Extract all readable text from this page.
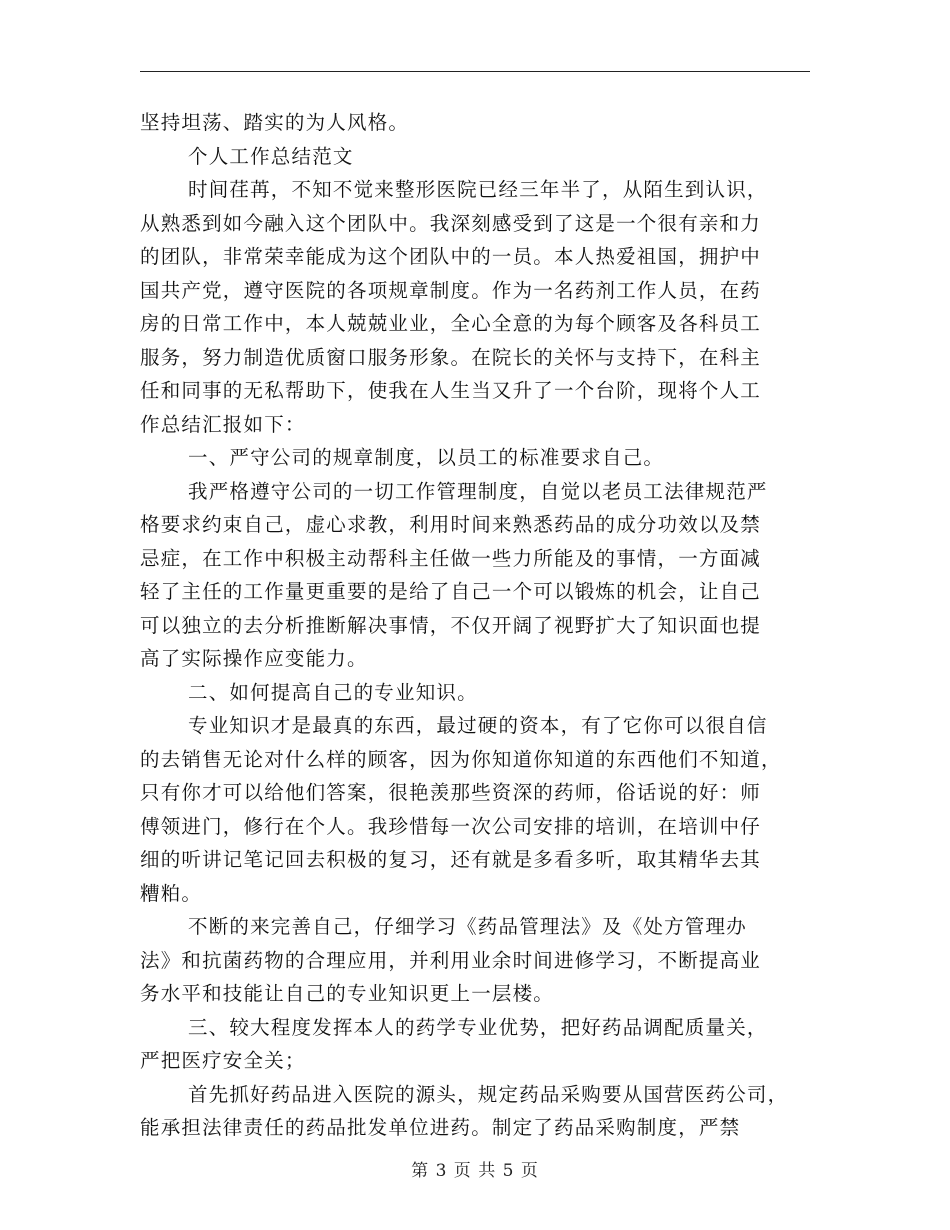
坚持坦荡、踏实的为人风格。
个人工作总结范文
时间荏苒，不知不觉来整形医院已经三年半了，从陌生到认识，
从熟悉到如今融入这个团队中。我深刻感受到了这是一个很有亲和力
的团队，非常荣幸能成为这个团队中的一员。本人热爱祖国，拥护中
国共产党，遵守医院的各项规章制度。作为一名药剂工作人员，在药
房的日常工作中，本人兢兢业业，全心全意的为每个顾客及各科员工
服务，努力制造优质窗口服务形象。在院长的关怀与支持下，在科主
任和同事的无私帮助下，使我在人生当又升了一个台阶，现将个人工
作总结汇报如下：
一、严守公司的规章制度，以员工的标准要求自己。
我严格遵守公司的一切工作管理制度，自觉以老员工法律规范严
格要求约束自己，虚心求教，利用时间来熟悉药品的成分功效以及禁
忌症，在工作中积极主动帮科主任做一些力所能及的事情，一方面减
轻了主任的工作量更重要的是给了自己一个可以锻炼的机会，让自己
可以独立的去分析推断解决事情，不仅开阔了视野扩大了知识面也提
高了实际操作应变能力。
二、如何提高自己的专业知识。
专业知识才是最真的东西，最过硬的资本，有了它你可以很自信
的去销售无论对什么样的顾客，因为你知道你知道的东西他们不知道，
只有你才可以给他们答案，很艳羡那些资深的药师，俗话说的好：师
傅领进门，修行在个人。我珍惜每一次公司安排的培训，在培训中仔
细的听讲记笔记回去积极的复习，还有就是多看多听，取其精华去其
糟粕。
不断的来完善自己，仔细学习《药品管理法》及《处方管理办
法》和抗菌药物的合理应用，并利用业余时间进修学习，不断提高业
务水平和技能让自己的专业知识更上一层楼。
三、较大程度发挥本人的药学专业优势，把好药品调配质量关，
严把医疗安全关；
首先抓好药品进入医院的源头，规定药品采购要从国营医药公司，
能承担法律责任的药品批发单位进药。制定了药品采购制度，严禁
第 3 页 共 5 页
